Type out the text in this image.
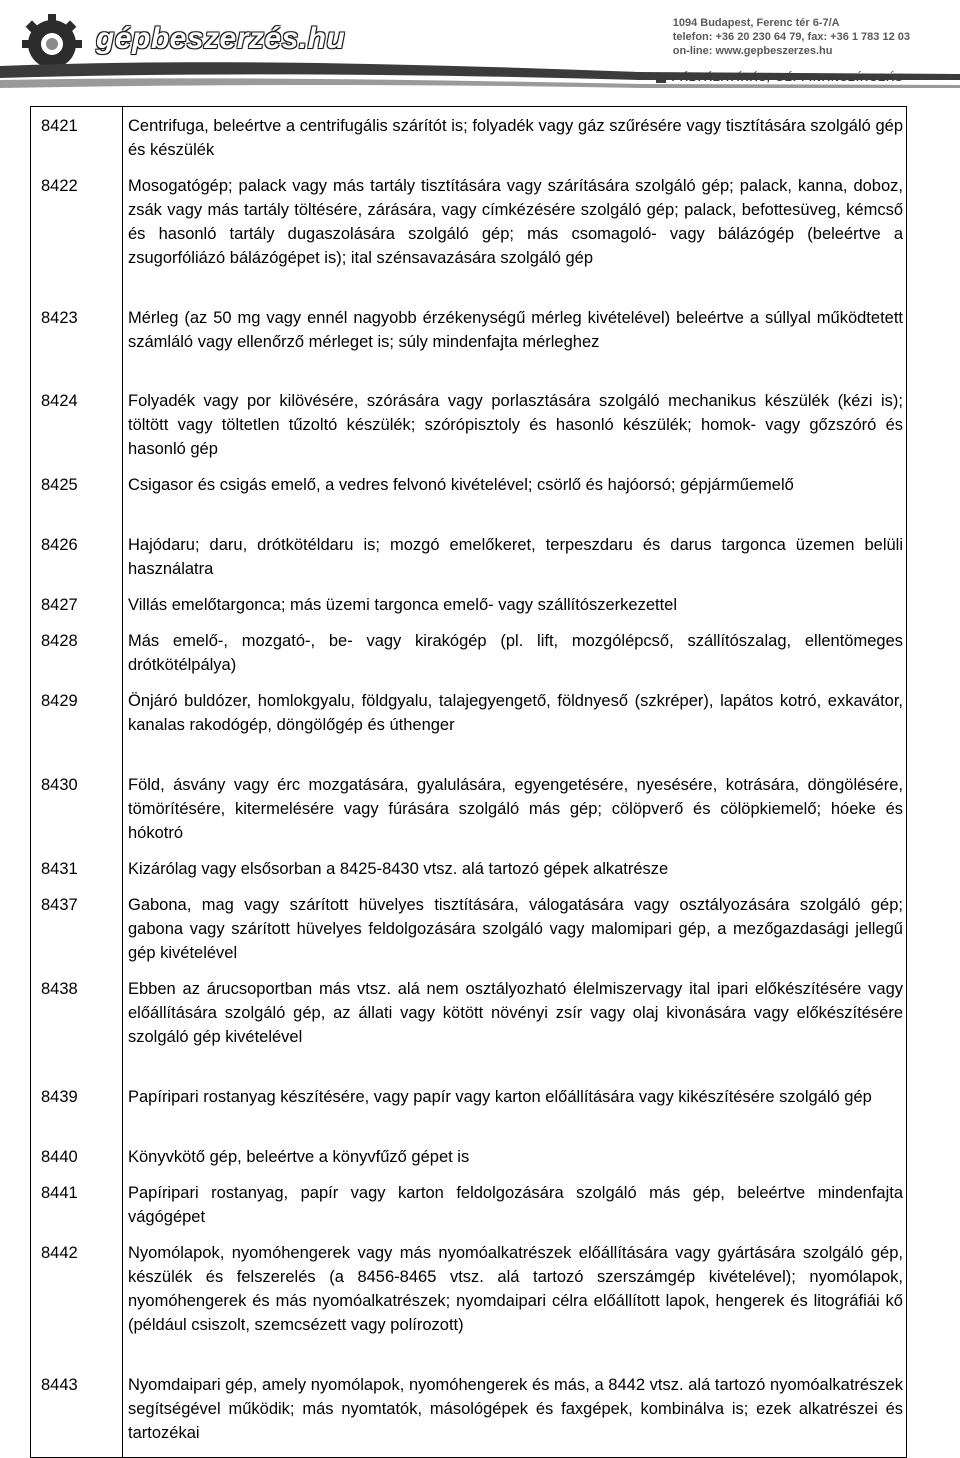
gépbeszerzés.hu	1094 Budapest, Ferenc tér 6-7/A
telefon: +36 20 230 64 79, fax: +36 1 783 12 03
on-line: www.gepbeszerzes.hu
PÁLYÁZATÍRÁS, GÉPFINANSZÍROZÁS
8421	Centrifuga, beleértve a centrifugális szárítót is; folyadék vagy gáz szűrésére vagy tisztítására szolgáló gép és készülék
8422	Mosogatógép; palack vagy más tartály tisztítására vagy szárítására szolgáló gép; palack, kanna, doboz, zsák vagy más tartály töltésére, zárására, vagy címkézésére szolgáló gép; palack, befottesüveg, kémcső és hasonló tartály dugaszolására szolgáló gép; más csomagoló- vagy bálázógép (beleértve a zsugorfóliázó bálázógépet is); ital szénsavazására szolgáló gép
8423	Mérleg (az 50 mg vagy ennél nagyobb érzékenységű mérleg kivételével) beleértve a súllyal működtetett számláló vagy ellenőrző mérleget is; súly mindenfajta mérleghez
8424	Folyadék vagy por kilövésére, szórására vagy porlasztására szolgáló mechanikus készülék (kézi is); töltött vagy töltetlen tűzoltó készülék; szórópisztoly és hasonló készülék; homok- vagy gőzszóró és hasonló gép
8425	Csigasor és csigás emelő, a vedres felvonó kivételével; csörlő és hajóorsó; gépjárműemelő
8426	Hajódaru; daru, drótkötéldaru is; mozgó emelőkeret, terpeszdaru és darus targonca üzemen belüli használatra
8427	Villás emelőtargonca; más üzemi targonca emelő- vagy szállítószerkezettel
8428	Más emelő-, mozgató-, be- vagy kirakógép (pl. lift, mozgólépcső, szállítószalag, ellentömeges drótkötélpálya)
8429	Önjáró buldózer, homlokgyalu, földgyalu, talajegyengető, földnyeső (szkréper), lapátos kotró, exkavátor, kanalas rakodógép, döngölőgép és úthenger
8430	Föld, ásvány vagy érc mozgatására, gyalulására, egyengetésére, nyesésére, kotrására, döngölésére, tömörítésére, kitermelésére vagy fúrására szolgáló más gép; cölöpverő és cölöpkiemelő; hóeke és hókotró
8431	Kizárólag vagy elsősorban a 8425-8430 vtsz. alá tartozó gépek alkatrésze
8437	Gabona, mag vagy szárított hüvelyes tisztítására, válogatására vagy osztályozására szolgáló gép; gabona vagy szárított hüvelyes feldolgozására szolgáló vagy malomipari gép, a mezőgazdasági jellegű gép kivételével
8438	Ebben az árucsoportban más vtsz. alá nem osztályozható élelmiszervagy ital ipari előkészítésére vagy előállítására szolgáló gép, az állati vagy kötött növényi zsír vagy olaj kivonására vagy előkészítésére szolgáló gép kivételével
8439	Papíripari rostanyag készítésére, vagy papír vagy karton előállítására vagy kikészítésére szolgáló gép
8440	Könyvkötő gép, beleértve a könyvfűző gépet is
8441	Papíripari rostanyag, papír vagy karton feldolgozására szolgáló más gép, beleértve mindenfajta vágógépet
8442	Nyomólapok, nyomóhengerek vagy más nyomóalkatrészek előállítására vagy gyártására szolgáló gép, készülék és felszerelés (a 8456-8465 vtsz. alá tartozó szerszámgép kivételével); nyomólapok, nyomóhengerek és más nyomóalkatrészek; nyomdaipari célra előállított lapok, hengerek és litográfiái kő (például csiszolt, szemcsézett vagy polírozott)
8443	Nyomdaipari gép, amely nyomólapok, nyomóhengerek és más, a 8442 vtsz. alá tartozó nyomóalkatrészek segítségével működik; más nyomtatók, másológépek és faxgépek, kombinálva is; ezek alkatrészei és tartozékai
